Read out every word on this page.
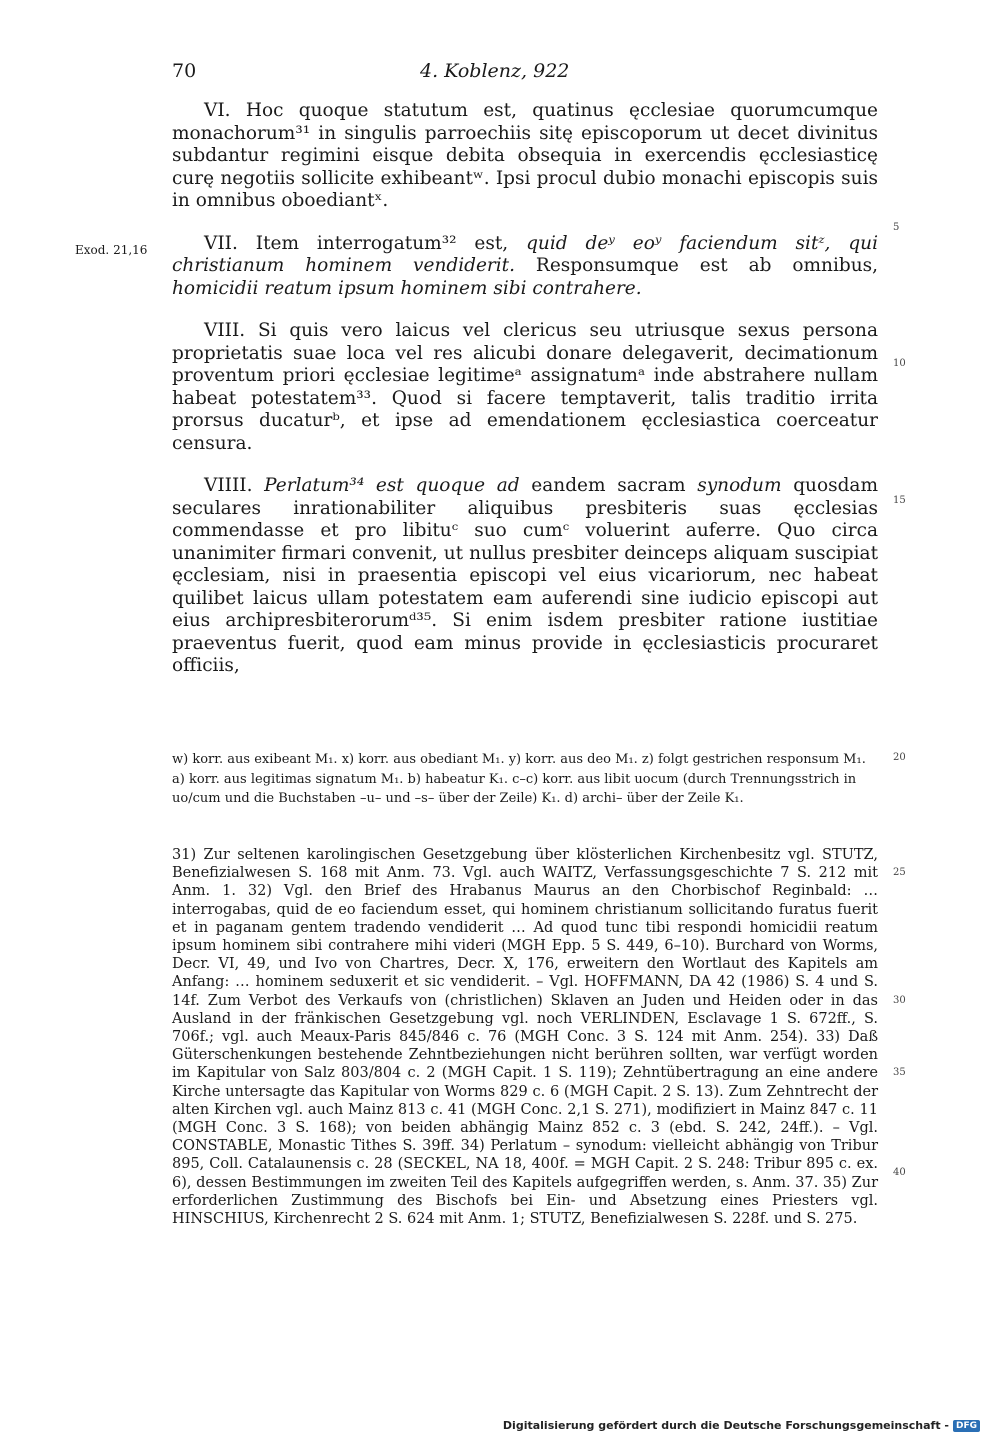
70	4. Koblenz, 922
Exod. 21,16
5
10
15
20
25
30
35
40

VI. Hoc quoque statutum est, quatinus ęcclesiae quorumcumque monachorum³¹ in singulis parroechiis sitę episcoporum ut decet divinitus subdantur regimini eisque debita obsequia in exercendis ęcclesiasticę curę negotiis sollicite exhibeantʷ. Ipsi procul dubio monachi episcopis suis in omnibus oboediantˣ.

VII. Item interrogatum³² est, quid deʸ eoʸ faciendum sitᶻ, qui christianum hominem vendiderit. Responsumque est ab omnibus, homicidii reatum ipsum hominem sibi contrahere.

VIII. Si quis vero laicus vel clericus seu utriusque sexus persona proprietatis suae loca vel res alicubi donare delegaverit, decimationum proventum priori ęcclesiae legitimeᵃ assignatumᵃ inde abstrahere nullam habeat potestatem³³. Quod si facere temptaverit, talis traditio irrita prorsus ducaturᵇ, et ipse ad emendationem ęcclesiastica coerceatur censura.

VIIII. Perlatum³⁴ est quoque ad eandem sacram synodum quosdam seculares inrationabiliter aliquibus presbiteris suas ęcclesias commendasse et pro libituᶜ suo cumᶜ voluerint auferre. Quo circa unanimiter firmari convenit, ut nullus presbiter deinceps aliquam suscipiat ęcclesiam, nisi in praesentia episcopi vel eius vicariorum, nec habeat quilibet laicus ullam potestatem eam auferendi sine iudicio episcopi aut eius archipresbiterorumᵈ³⁵. Si enim isdem presbiter ratione iustitiae praeventus fuerit, quod eam minus provide in ęcclesiasticis procuraret officiis,

w) korr. aus exibeant M₁. x) korr. aus obediant M₁. y) korr. aus deo M₁. z) folgt gestrichen responsum M₁. a) korr. aus legitimas signatum M₁. b) habeatur K₁. c–c) korr. aus libit uocum (durch Trennungsstrich in uo/cum und die Buchstaben –u– und –s– über der Zeile) K₁. d) archi– über der Zeile K₁.
31) Zur seltenen karolingischen Gesetzgebung über klösterlichen Kirchenbesitz vgl. STUTZ, Benefizialwesen S. 168 mit Anm. 73. Vgl. auch WAITZ, Verfassungsgeschichte 7 S. 212 mit Anm. 1. 32) Vgl. den Brief des Hrabanus Maurus an den Chorbischof Reginbald: … interrogabas, quid de eo faciendum esset, qui hominem christianum sollicitando furatus fuerit et in paganam gentem tradendo vendiderit … Ad quod tunc tibi respondi homicidii reatum ipsum hominem sibi contrahere mihi videri (MGH Epp. 5 S. 449, 6–10). Burchard von Worms, Decr. VI, 49, und Ivo von Chartres, Decr. X, 176, erweitern den Wortlaut des Kapitels am Anfang: … hominem seduxerit et sic vendiderit. – Vgl. HOFFMANN, DA 42 (1986) S. 4 und S. 14f. Zum Verbot des Verkaufs von (christlichen) Sklaven an Juden und Heiden oder in das Ausland in der fränkischen Gesetzgebung vgl. noch VERLINDEN, Esclavage 1 S. 672ff., S. 706f.; vgl. auch Meaux-Paris 845/846 c. 76 (MGH Conc. 3 S. 124 mit Anm. 254). 33) Daß Güterschenkungen bestehende Zehntbeziehungen nicht berühren sollten, war verfügt worden im Kapitular von Salz 803/804 c. 2 (MGH Capit. 1 S. 119); Zehntübertragung an eine andere Kirche untersagte das Kapitular von Worms 829 c. 6 (MGH Capit. 2 S. 13). Zum Zehntrecht der alten Kirchen vgl. auch Mainz 813 c. 41 (MGH Conc. 2,1 S. 271), modifiziert in Mainz 847 c. 11 (MGH Conc. 3 S. 168); von beiden abhängig Mainz 852 c. 3 (ebd. S. 242, 24ff.). – Vgl. CONSTABLE, Monastic Tithes S. 39ff. 34) Perlatum – synodum: vielleicht abhängig von Tribur 895, Coll. Catalaunensis c. 28 (SECKEL, NA 18, 400f. = MGH Capit. 2 S. 248: Tribur 895 c. ex. 6), dessen Bestimmungen im zweiten Teil des Kapitels aufgegriffen werden, s. Anm. 37. 35) Zur erforderlichen Zustimmung des Bischofs bei Ein- und Absetzung eines Priesters vgl. HINSCHIUS, Kirchenrecht 2 S. 624 mit Anm. 1; STUTZ, Benefizialwesen S. 228f. und S. 275.
Digitalisierung gefördert durch die Deutsche Forschungsgemeinschaft - DFG
